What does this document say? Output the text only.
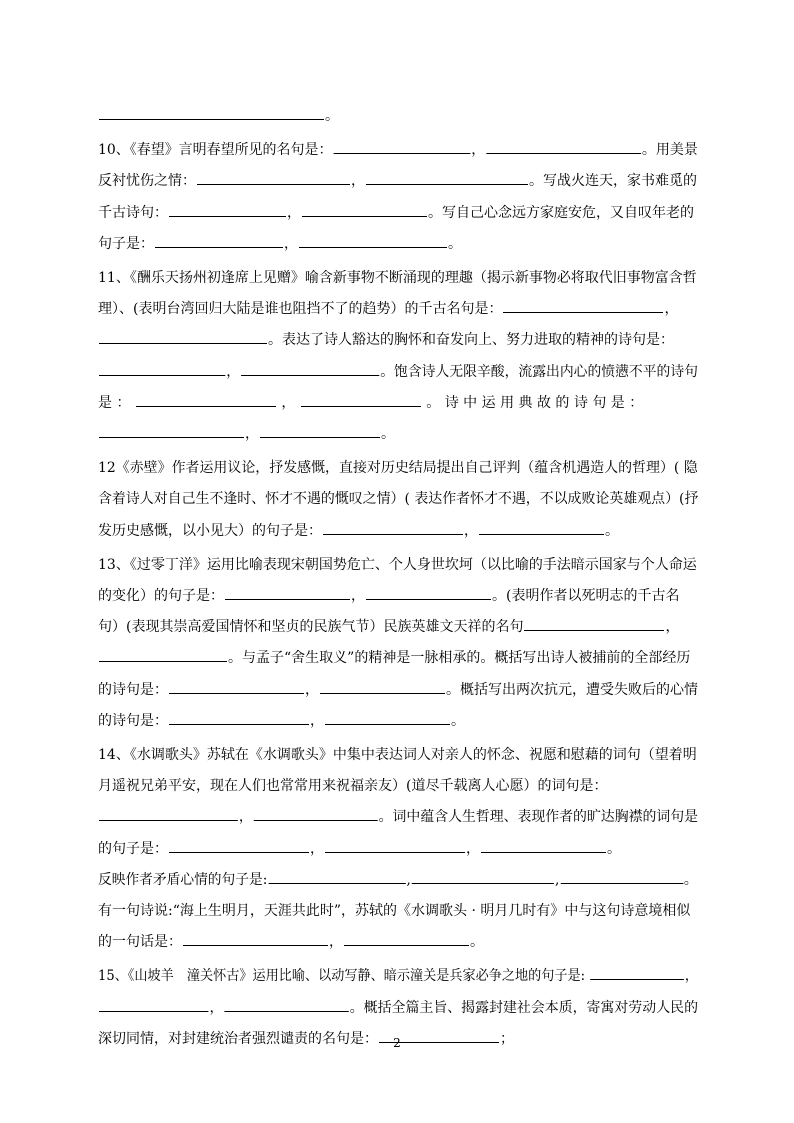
。
10、《春望》言明春望所见的名句是：	，	。用美景
反衬忧伤之情：	，	。写战火连天，家书难觅的
千古诗句：	，	。写自己心念远方家庭安危，又自叹年老的
句子是：	，	。
11、《酬乐天扬州初逢席上见赠》喻含新事物不断涌现的理趣（揭示新事物必将取代旧事物富含哲
理）、(表明台湾回归大陆是谁也阻挡不了的趋势）的千古名句是：	，
。表达了诗人豁达的胸怀和奋发向上、努力进取的精神的诗句是：
，	。饱含诗人无限辛酸，流露出内心的愤懑不平的诗句
是 ：	，	。 诗 中 运 用 典 故 的 诗 句 是 ：
，	。
12《赤壁》作者运用议论，抒发感慨，直接对历史结局提出自己评判（蕴含机遇造人的哲理）( 隐
含着诗人对自己生不逢时、怀才不遇的慨叹之情）( 表达作者怀才不遇，不以成败论英雄观点）(抒
发历史感慨，以小见大）的句子是：	，	。
13、《过零丁洋》运用比喻表现宋朝国势危亡、个人身世坎坷（以比喻的手法暗示国家与个人命运
的变化）的句子是：	，	。(表明作者以死明志的千古名
句）(表现其崇高爱国情怀和坚贞的民族气节）民族英雄文天祥的名句	，
。与孟子“舍生取义”的精神是一脉相承的。概括写出诗人被捕前的全部经历
的诗句是：	，	。概括写出两次抗元，遭受失败后的心情
的诗句是：	，	。
14、《水调歌头》苏轼在《水调歌头》中集中表达词人对亲人的怀念、祝愿和慰藉的词句（望着明
月遥祝兄弟平安，现在人们也常常用来祝福亲友）(道尽千载离人心愿）的词句是：
，	。词中蕴含人生哲理、表现作者的旷达胸襟的词句是
的句子是：	，	，	。
反映作者矛盾心情的句子是:	,	,	。
有一句诗说:“海上生明月，天涯共此时”，苏轼的《水调歌头 · 明月几时有》中与这句诗意境相似
的一句话是：	，	。
15、《山坡羊　潼关怀古》运用比喻、以动写静、暗示潼关是兵家必争之地的句子是:	，
，	。概括全篇主旨、揭露封建社会本质，寄寓对劳动人民的
深切同情，对封建统治者强烈谴责的名句是：	；
2
